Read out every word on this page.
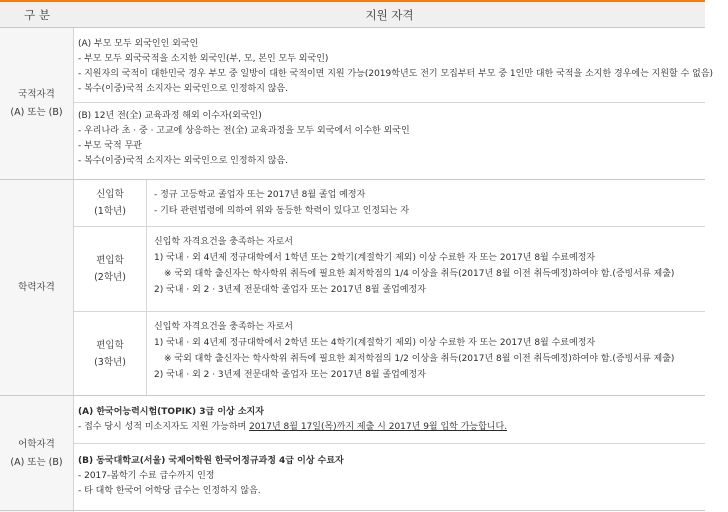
구 분	지원 자격
국적자격
(A) 또는 (B)
(A) 부모 모두 외국인인 외국인
- 부모 모두 외국국적을 소지한 외국인(부, 모, 본인 모두 외국인)
- 지원자의 국적이 대한민국 경우 부모 중 일방이 대한 국적이면 지원 가능(2019학년도 전기 모집부터 부모 중 1인만 대한 국적을 소지한 경우에는 지원할 수 없음)
- 복수(이중)국적 소지자는 외국인으로 인정하지 않음.
(B) 12년 전(全) 교육과정 해외 이수자(외국인)
- 우리나라 초 · 중 · 고교에 상응하는 전(全) 교육과정을 모두 외국에서 이수한 외국인
- 부모 국적 무관
- 복수(이중)국적 소지자는 외국인으로 인정하지 않음.
학력자격
신입학
(1학년)
- 정규 고등학교 졸업자 또는 2017년 8월 졸업 예정자
- 기타 관련법령에 의하여 위와 동등한 학력이 있다고 인정되는 자
편입학
(2학년)
신입학 자격요건을 충족하는 자로서
1) 국내 · 외 4년제 정규대학에서 1학년 또는 2학기(계절학기 제외) 이상 수료한 자 또는 2017년 8월 수료예정자
※ 국외 대학 출신자는 학사학위 취득에 필요한 최저학점의 1/4 이상을 취득(2017년 8월 이전 취득예정)하여야 함.(증빙서류 제출)
2) 국내 · 외 2 · 3년제 전문대학 졸업자 또는 2017년 8월 졸업예정자
편입학
(3학년)
신입학 자격요건을 충족하는 자로서
1) 국내 · 외 4년제 정규대학에서 2학년 또는 4학기(계절학기 제외) 이상 수료한 자 또는 2017년 8월 수료예정자
※ 국외 대학 출신자는 학사학위 취득에 필요한 최저학점의 1/2 이상을 취득(2017년 8월 이전 취득예정)하여야 함.(증빙서류 제출)
2) 국내 · 외 2 · 3년제 전문대학 졸업자 또는 2017년 8월 졸업예정자
어학자격
(A) 또는 (B)
(A) 한국어능력시험(TOPIK) 3급 이상 소지자
- 접수 당시 성적 미소지자도 지원 가능하며 2017년 8월 17일(목)까지 제출 시 2017년 9월 입학 가능합니다.
(B) 동국대학교(서울) 국제어학원 한국어정규과정 4급 이상 수료자
- 2017-봄학기 수료 급수까지 인정
- 타 대학 한국어 어학당 급수는 인정하지 않음.
